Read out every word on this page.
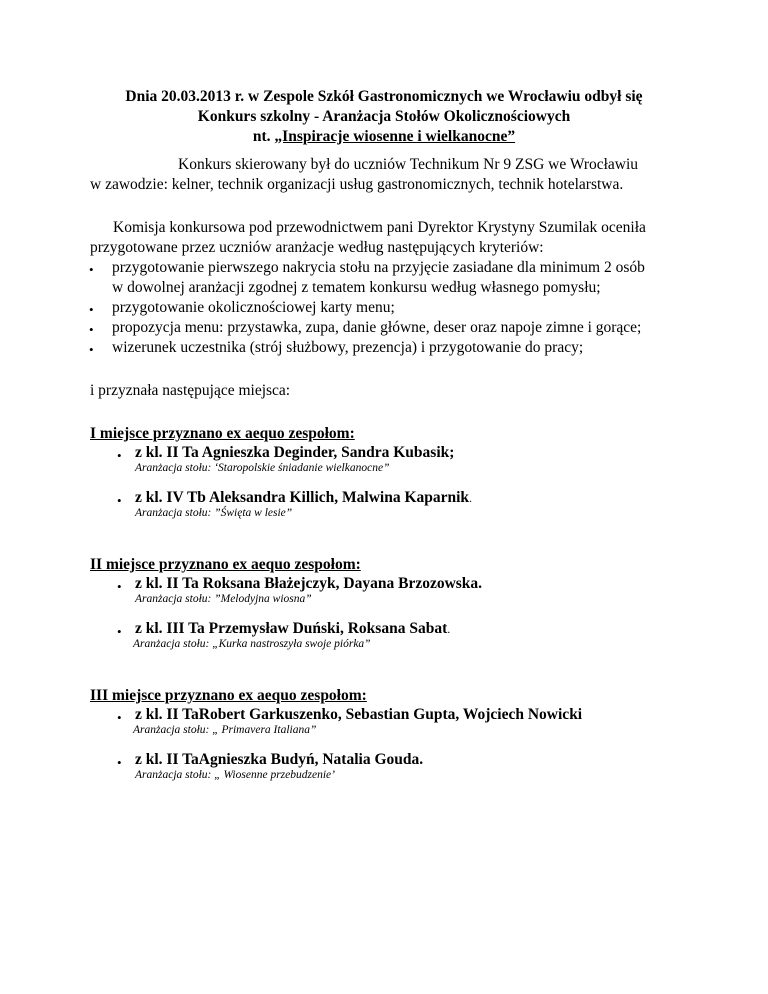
Dnia 20.03.2013 r. w Zespole Szkół Gastronomicznych we Wrocławiu odbył się
Konkurs szkolny - Aranżacja Stołów Okolicznościowych
nt. „Inspiracje wiosenne i wielkanocne”
Konkurs skierowany był do uczniów Technikum Nr 9 ZSG we Wrocławiu
w zawodzie: kelner, technik organizacji usług gastronomicznych, technik hotelarstwa.
Komisja konkursowa pod przewodnictwem pani Dyrektor Krystyny Szumilak oceniła
przygotowane przez uczniów aranżacje według następujących kryteriów:
• przygotowanie pierwszego nakrycia stołu na przyjęcie zasiadane dla minimum 2 osób
w dowolnej aranżacji zgodnej z tematem konkursu według własnego pomysłu;
• przygotowanie okolicznościowej karty menu;
• propozycja menu: przystawka, zupa, danie główne, deser oraz napoje zimne i gorące;
• wizerunek uczestnika (strój służbowy, prezencja) i przygotowanie do pracy;
i przyznała następujące miejsca:
I miejsce przyznano ex aequo zespołom:
• z kl. II Ta Agnieszka Deginder, Sandra Kubasik;
Aranżacja stołu: ‘Staropolskie śniadanie wielkanocne”
• z kl. IV Tb Aleksandra Killich, Malwina Kaparnik.
Aranżacja stołu: ”Święta w lesie”
II miejsce przyznano ex aequo zespołom:
• z kl. II Ta Roksana Błażejczyk, Dayana Brzozowska.
Aranżacja stołu: ”Melodyjna wiosna”
• z kl. III Ta Przemysław Duński, Roksana Sabat.
Aranżacja stołu: „Kurka nastroszyła swoje piórka”
III miejsce przyznano ex aequo zespołom:
• z kl. II TaRobert Garkuszenko, Sebastian Gupta, Wojciech Nowicki
Aranżacja stołu: „ Primavera Italiana”
• z kl. II TaAgnieszka Budyń, Natalia Gouda.
Aranżacja stołu: „ Wiosenne przebudzenie’
